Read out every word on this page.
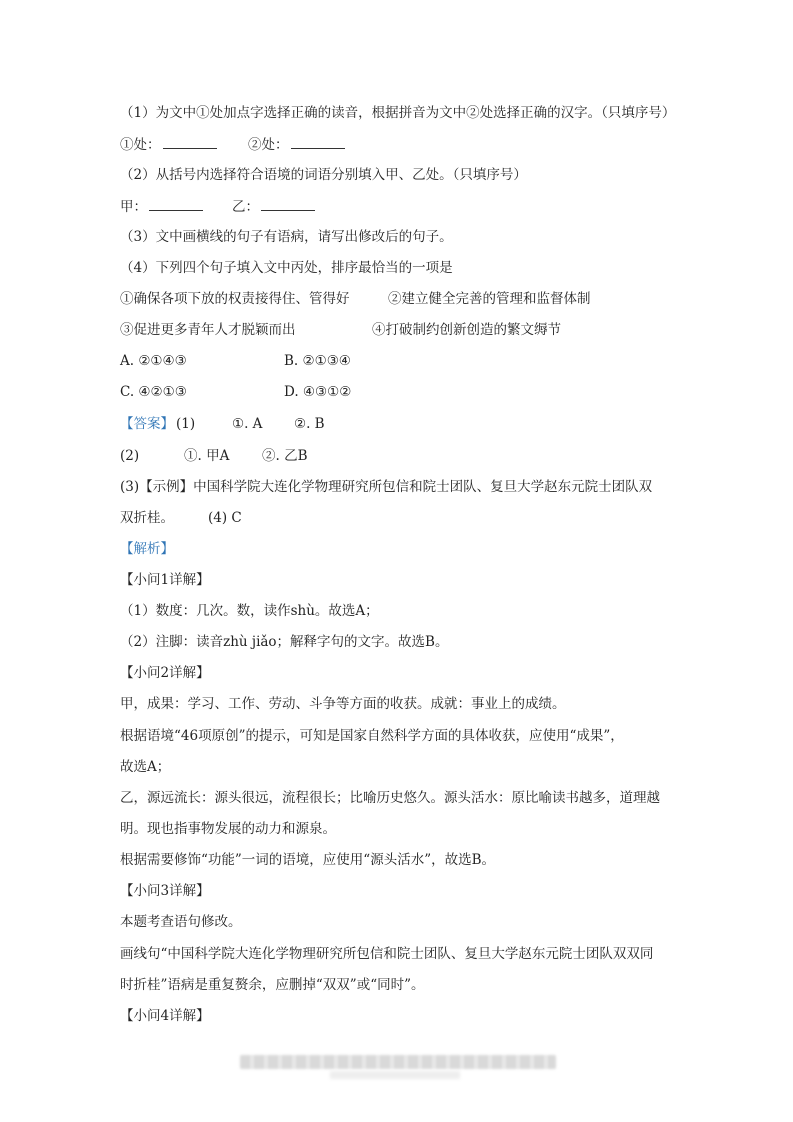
（1）为文中①处加点字选择正确的读音，根据拼音为文中②处选择正确的汉字。（只填序号）
①处：	②处：
（2）从括号内选择符合语境的词语分别填入甲、乙处。（只填序号）
甲：	乙：
（3）文中画横线的句子有语病，请写出修改后的句子。
（4）下列四个句子填入文中丙处，排序最恰当的一项是
①确保各项下放的权责接得住、管得好	②建立健全完善的管理和监督体制
③促进更多青年人才脱颖而出	④打破制约创新创造的繁文缛节
A. ②①④③	B. ②①③④
C. ④②①③	D. ④③①②
【答案】 (1)	①. A ②. B
(2)	①. 甲A ②. 乙B
(3)【示例】中国科学院大连化学物理研究所包信和院士团队、复旦大学赵东元院士团队双
双折桂。	(4) C
【解析】
【小问1详解】
（1）数度：几次。数，读作shù。故选A；
（2）注脚：读音zhù jiǎo；解释字句的文字。故选B。
【小问2详解】
甲，成果：学习、工作、劳动、斗争等方面的收获。成就：事业上的成绩。
根据语境“46项原创”的提示，可知是国家自然科学方面的具体收获，应使用“成果”，
故选A；
乙，源远流长：源头很远，流程很长；比喻历史悠久。源头活水：原比喻读书越多，道理越
明。现也指事物发展的动力和源泉。
根据需要修饰“功能”一词的语境，应使用“源头活水”，故选B。
【小问3详解】
本题考查语句修改。
画线句“中国科学院大连化学物理研究所包信和院士团队、复旦大学赵东元院士团队双双同
时折桂”语病是重复赘余，应删掉“双双”或“同时”。
【小问4详解】
